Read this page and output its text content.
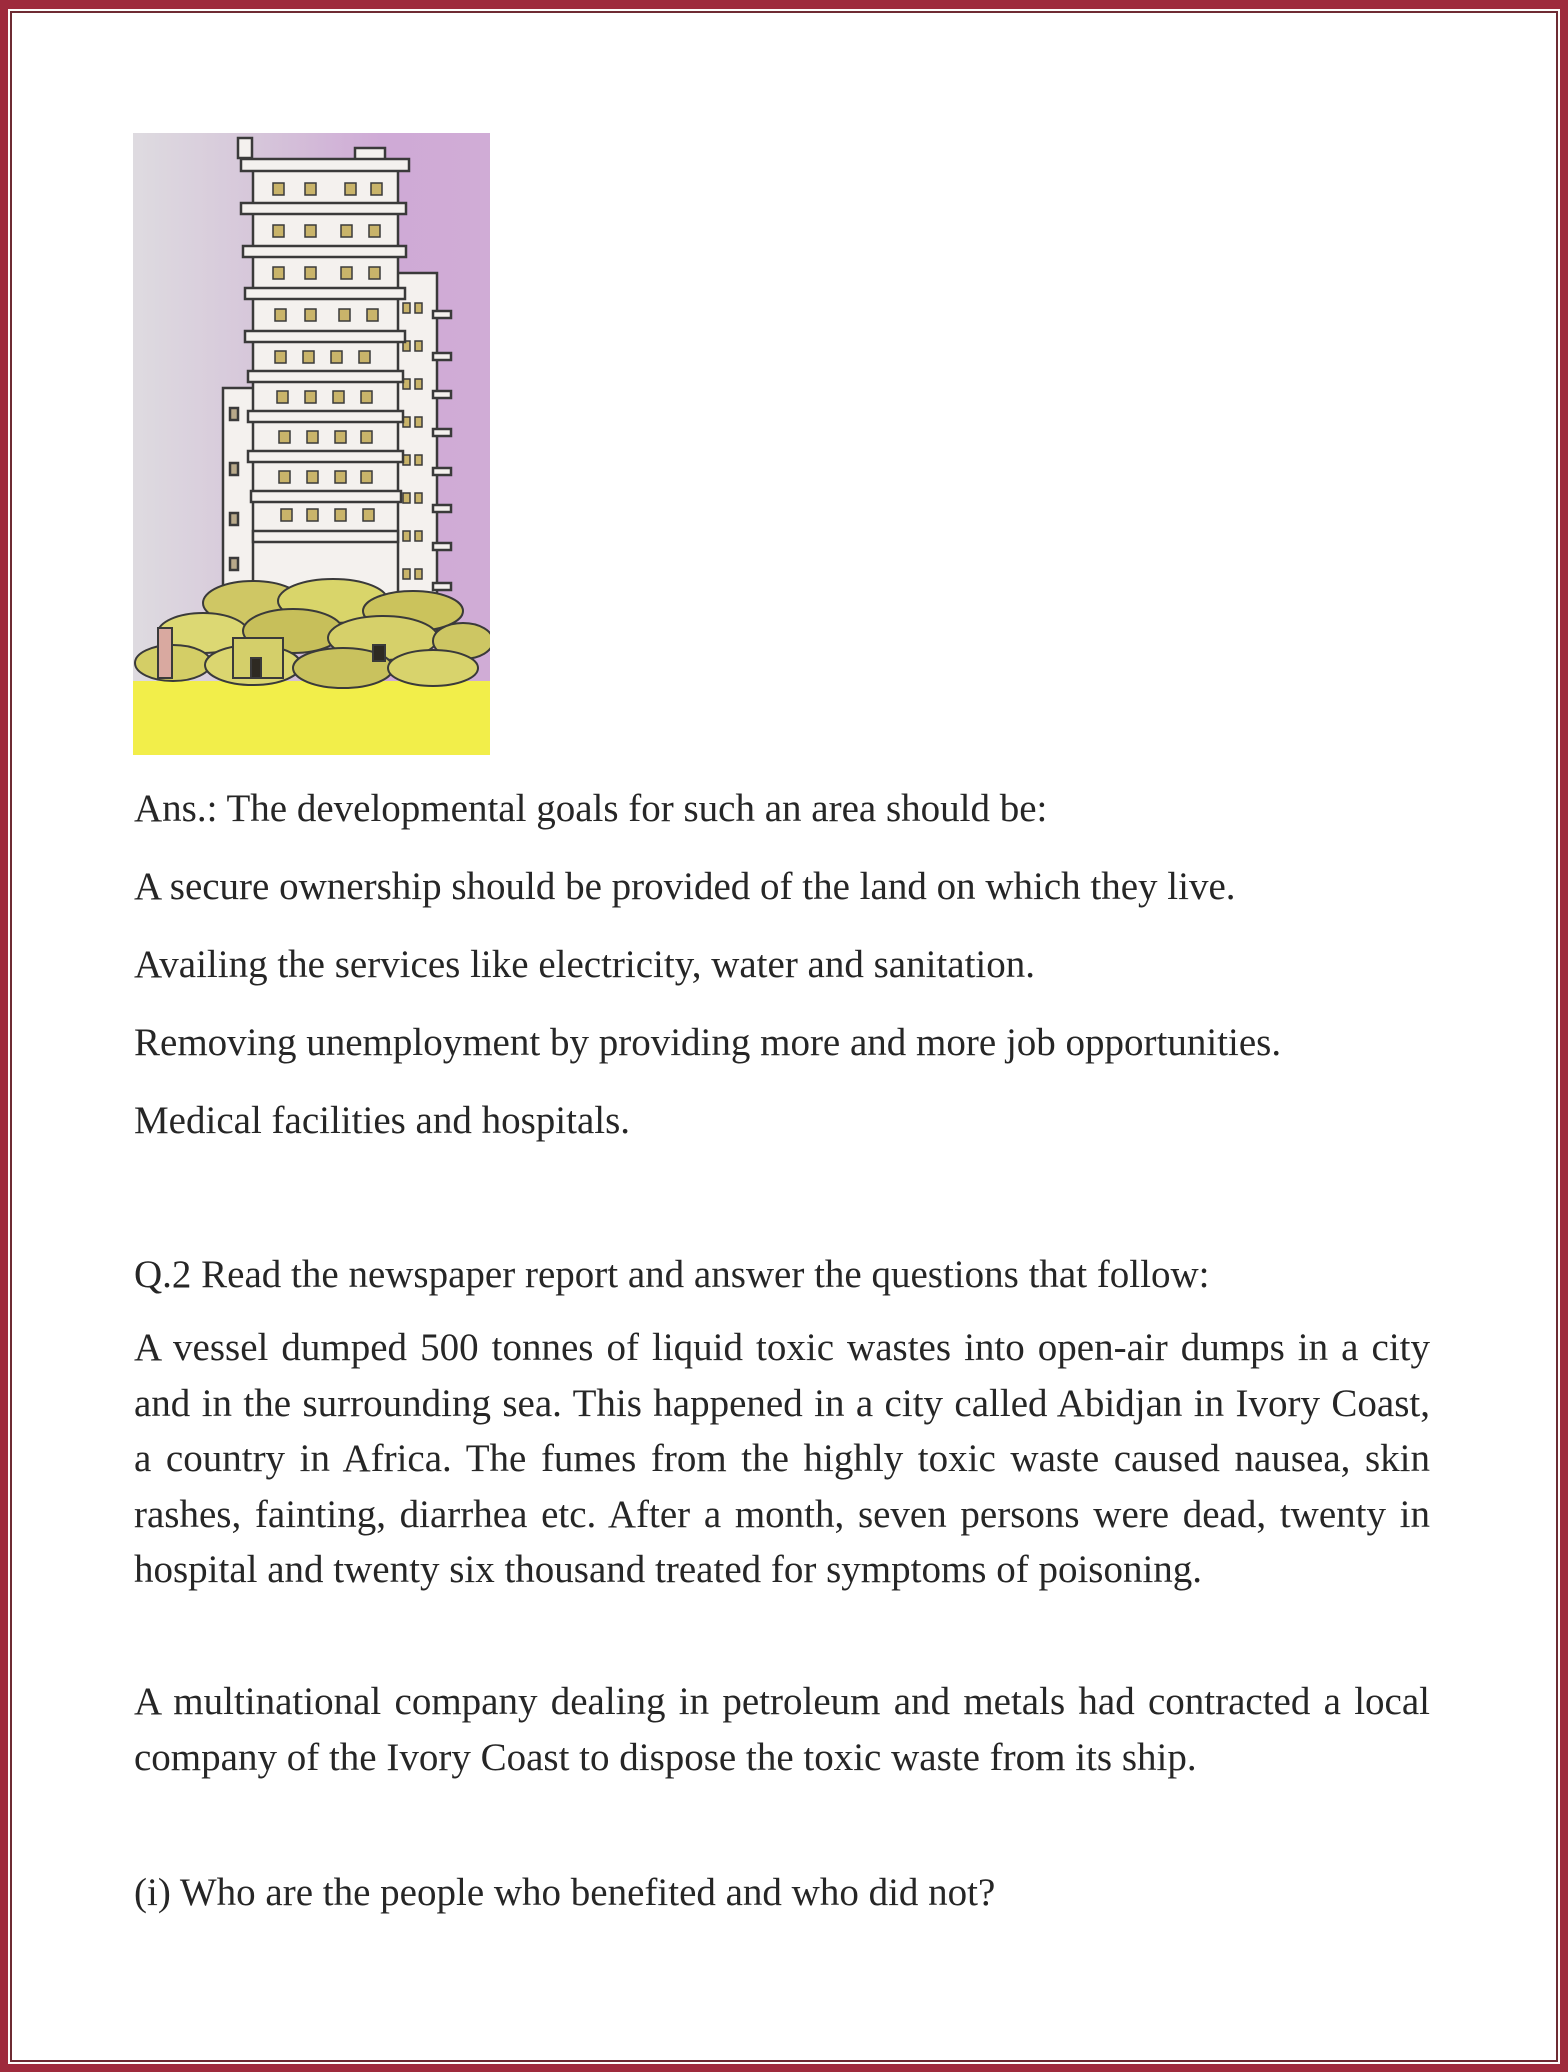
Ans.: The developmental goals for such an area should be:

A secure ownership should be provided of the land on which they live.

Availing the services like electricity, water and sanitation.

Removing unemployment by providing more and more job opportunities.

Medical facilities and hospitals.

Q.2 Read the newspaper report and answer the questions that follow:

A vessel dumped 500 tonnes of liquid toxic wastes into open-air dumps in a city and in the surrounding sea. This happened in a city called Abidjan in Ivory Coast, a country in Africa. The fumes from the highly toxic waste caused nausea, skin rashes, fainting, diarrhea etc. After a month, seven persons were dead, twenty in hospital and twenty six thousand treated for symptoms of poisoning.

A multinational company dealing in petroleum and metals had contracted a local company of the Ivory Coast to dispose the toxic waste from its ship.

(i) Who are the people who benefited and who did not?
